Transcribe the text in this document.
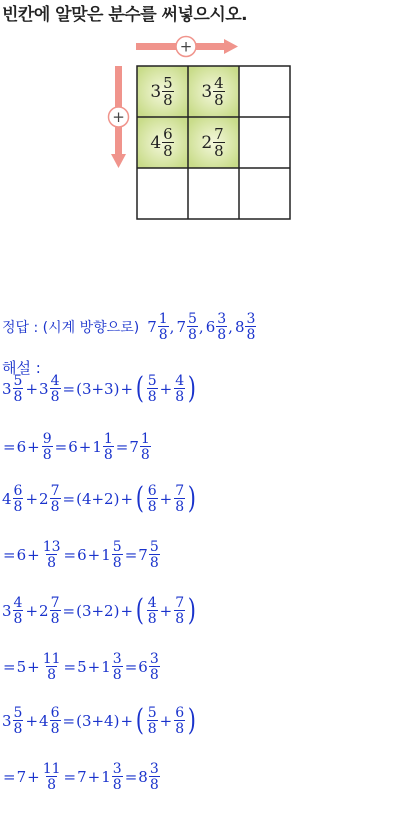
빈칸에 알맞은 분수를 써넣으시오.
+
+
$3 \frac{5}{8} 3 \frac{4}{8}$
$4 \frac{6}{8} 2 \frac{7}{8}$
정답 : (시계 방향으로) $7 \frac{1}{8}$ , $7 \frac{5}{8}$ , $6 \frac{3}{8}$ , $8 \frac{3}{8}$
해설 :
$3 \frac{5}{8} + 3 \frac{4}{8} = (3+3)$ + ( $\frac{5}{8} + \frac{4}{8}$ )
= $6 + \frac{9}{8} = 6 + 1 \frac{1}{8} = 7 \frac{1}{8}$
$4 \frac{6}{8} + 2 \frac{7}{8} = (4+2)$ + ( $\frac{6}{8} + \frac{7}{8}$ )
= $6 + \frac{13}{8} = 6 + 1 \frac{5}{8} = 7 \frac{5}{8}$
$3 \frac{4}{8} + 2 \frac{7}{8} = (3+2)$ + ( $\frac{4}{8} + \frac{7}{8}$ )
= $5 + \frac{11}{8} = 5 + 1 \frac{3}{8} = 6 \frac{3}{8}$
$3 \frac{5}{8} + 4 \frac{6}{8} = (3+4)$ + ( $\frac{5}{8} + \frac{6}{8}$ )
= $7 + \frac{11}{8} = 7 + 1 \frac{3}{8} = 8 \frac{3}{8}$
